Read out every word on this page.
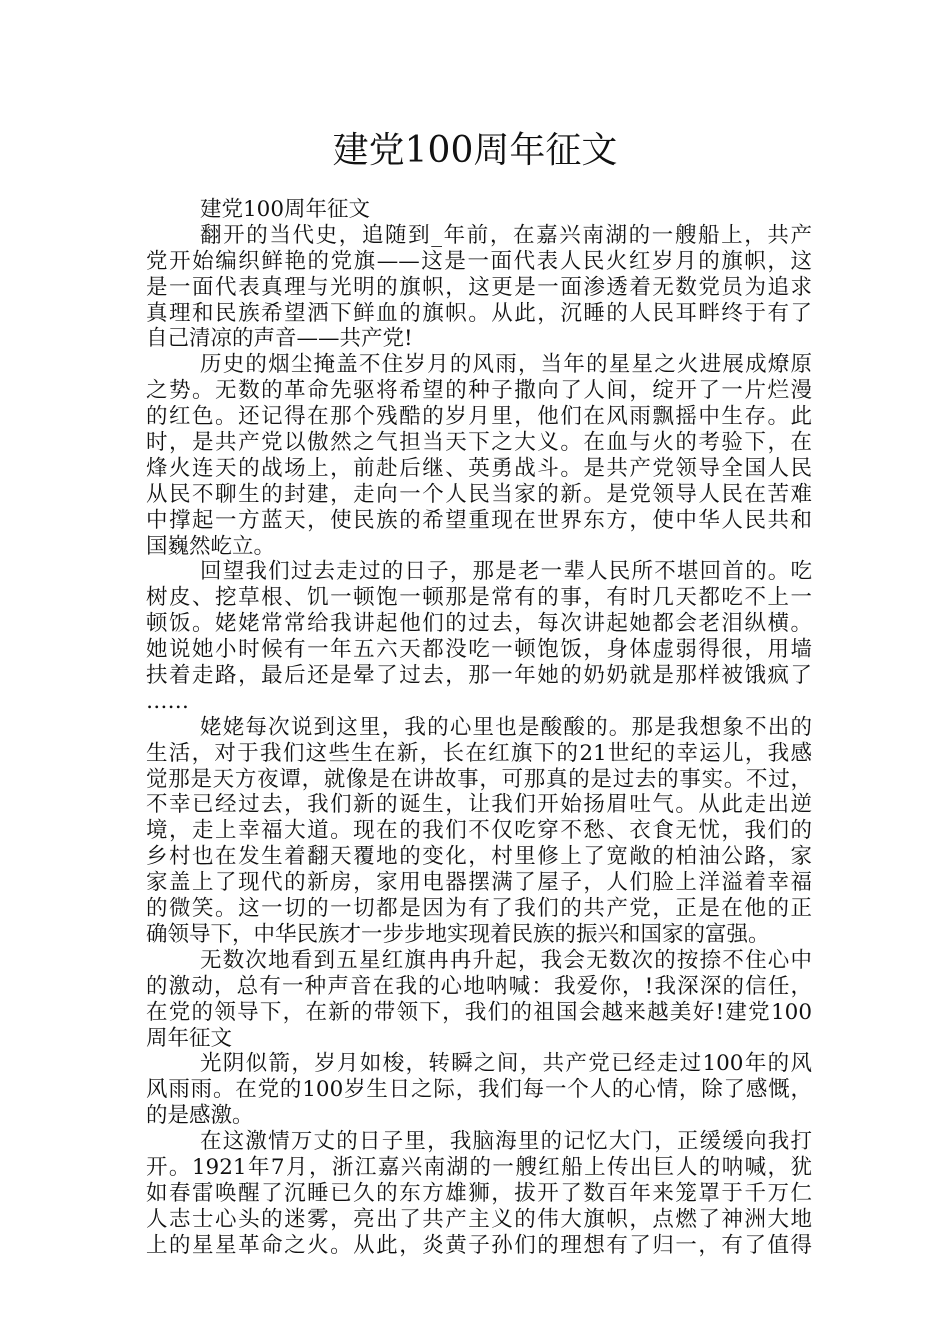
建党100周年征文
建党100周年征文
翻开的当代史，追随到_年前，在嘉兴南湖的一艘船上，共产
党开始编织鲜艳的党旗——这是一面代表人民火红岁月的旗帜，这
是一面代表真理与光明的旗帜，这更是一面渗透着无数党员为追求
真理和民族希望洒下鲜血的旗帜。从此，沉睡的人民耳畔终于有了
自己清凉的声音——共产党!
历史的烟尘掩盖不住岁月的风雨，当年的星星之火进展成燎原
之势。无数的革命先驱将希望的种子撒向了人间，绽开了一片烂漫
的红色。还记得在那个残酷的岁月里，他们在风雨飘摇中生存。此
时，是共产党以傲然之气担当天下之大义。在血与火的考验下，在
烽火连天的战场上，前赴后继、英勇战斗。是共产党领导全国人民
从民不聊生的封建，走向一个人民当家的新。是党领导人民在苦难
中撑起一方蓝天，使民族的希望重现在世界东方，使中华人民共和
国巍然屹立。
回望我们过去走过的日子，那是老一辈人民所不堪回首的。吃
树皮、挖草根、饥一顿饱一顿那是常有的事，有时几天都吃不上一
顿饭。姥姥常常给我讲起他们的过去，每次讲起她都会老泪纵横。
她说她小时候有一年五六天都没吃一顿饱饭，身体虚弱得很，用墙
扶着走路，最后还是晕了过去，那一年她的奶奶就是那样被饿疯了
……
姥姥每次说到这里，我的心里也是酸酸的。那是我想象不出的
生活，对于我们这些生在新，长在红旗下的21世纪的幸运儿，我感
觉那是天方夜谭，就像是在讲故事，可那真的是过去的事实。不过，
不幸已经过去，我们新的诞生，让我们开始扬眉吐气。从此走出逆
境，走上幸福大道。现在的我们不仅吃穿不愁、衣食无忧，我们的
乡村也在发生着翻天覆地的变化，村里修上了宽敞的柏油公路，家
家盖上了现代的新房，家用电器摆满了屋子，人们脸上洋溢着幸福
的微笑。这一切的一切都是因为有了我们的共产党，正是在他的正
确领导下，中华民族才一步步地实现着民族的振兴和国家的富强。
无数次地看到五星红旗冉冉升起，我会无数次的按捺不住心中
的激动，总有一种声音在我的心地呐喊：我爱你，!我深深的信任，
在党的领导下，在新的带领下，我们的祖国会越来越美好!建党100
周年征文
光阴似箭，岁月如梭，转瞬之间，共产党已经走过100年的风
风雨雨。在党的100岁生日之际，我们每一个人的心情，除了感慨，
的是感激。
在这激情万丈的日子里，我脑海里的记忆大门，正缓缓向我打
开。1921年7月，浙江嘉兴南湖的一艘红船上传出巨人的呐喊，犹
如春雷唤醒了沉睡已久的东方雄狮，拔开了数百年来笼罩于千万仁
人志士心头的迷雾，亮出了共产主义的伟大旗帜，点燃了神洲大地
上的星星革命之火。从此，炎黄子孙们的理想有了归一，有了值得
